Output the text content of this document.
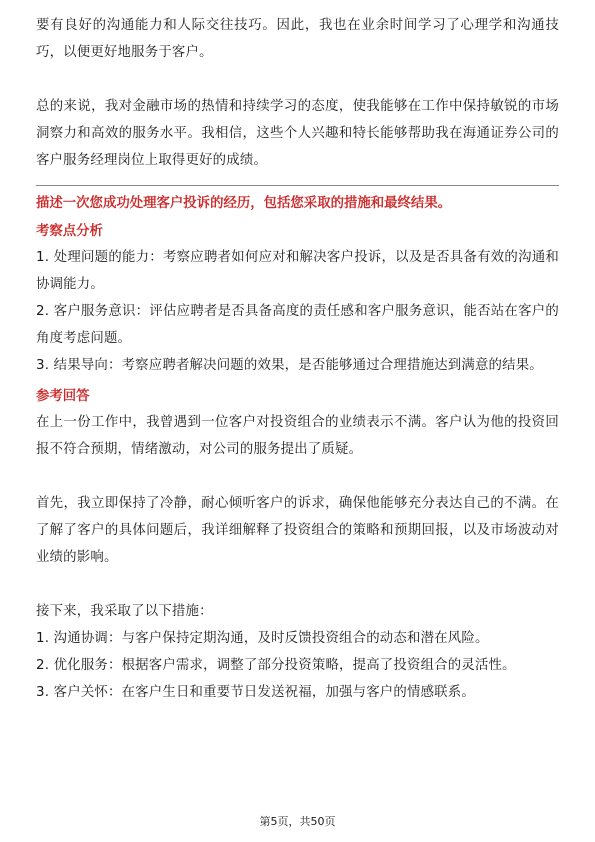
要有良好的沟通能力和人际交往技巧。因此，我也在业余时间学习了心理学和沟通技巧，以便更好地服务于客户。

总的来说，我对金融市场的热情和持续学习的态度，使我能够在工作中保持敏锐的市场洞察力和高效的服务水平。我相信，这些个人兴趣和特长能够帮助我在海通证券公司的客户服务经理岗位上取得更好的成绩。

描述一次您成功处理客户投诉的经历，包括您采取的措施和最终结果。
考察点分析

1. 处理问题的能力：考察应聘者如何应对和解决客户投诉，以及是否具备有效的沟通和协调能力。

2. 客户服务意识：评估应聘者是否具备高度的责任感和客户服务意识，能否站在客户的角度考虑问题。

3. 结果导向：考察应聘者解决问题的效果，是否能够通过合理措施达到满意的结果。

参考回答

在上一份工作中，我曾遇到一位客户对投资组合的业绩表示不满。客户认为他的投资回报不符合预期，情绪激动，对公司的服务提出了质疑。

首先，我立即保持了冷静，耐心倾听客户的诉求，确保他能够充分表达自己的不满。在了解了客户的具体问题后，我详细解释了投资组合的策略和预期回报，以及市场波动对业绩的影响。

接下来，我采取了以下措施：

1. 沟通协调：与客户保持定期沟通，及时反馈投资组合的动态和潜在风险。

2. 优化服务：根据客户需求，调整了部分投资策略，提高了投资组合的灵活性。

3. 客户关怀：在客户生日和重要节日发送祝福，加强与客户的情感联系。

第5页，共50页
